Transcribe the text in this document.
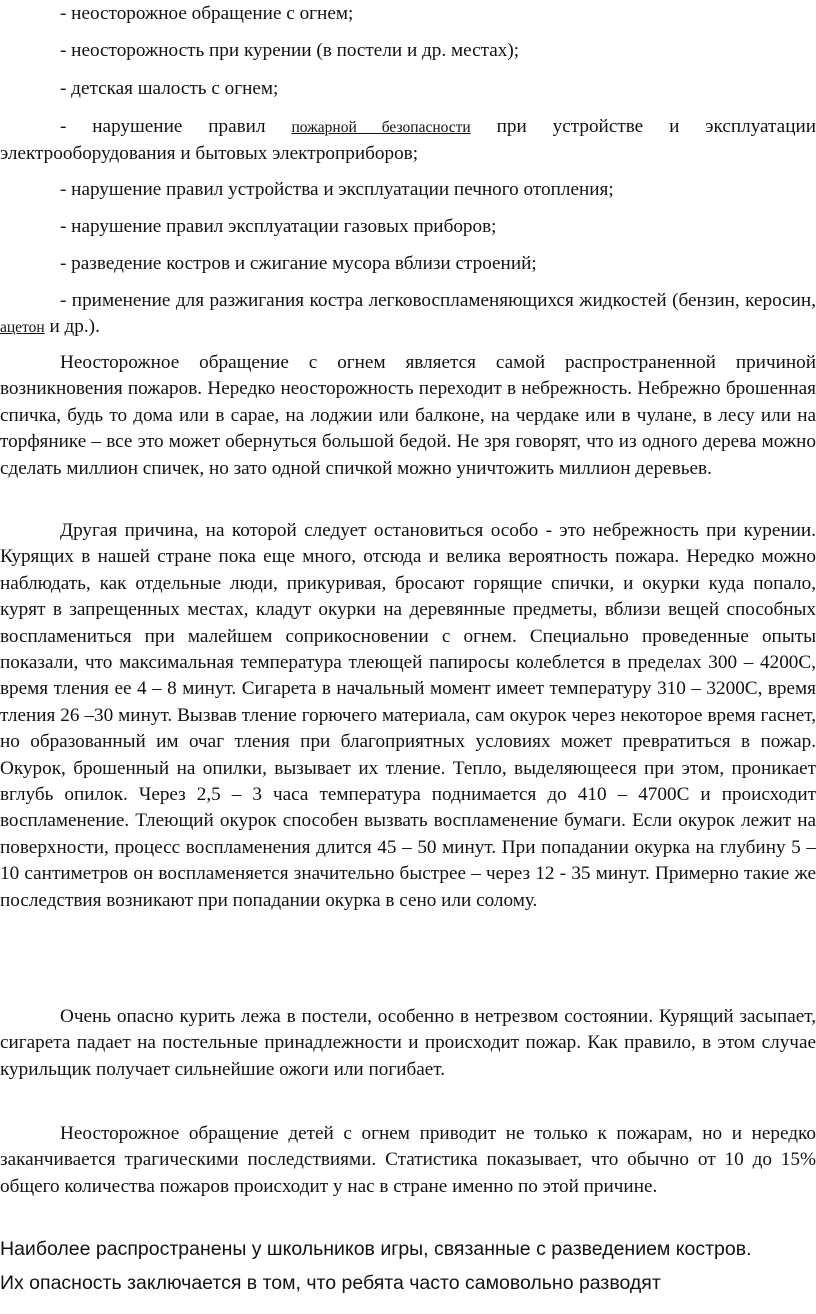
- неосторожное обращение с огнем;

- неосторожность при курении (в постели и др. местах);

- детская шалость с огнем;

- нарушение правил пожарной безопасности при устройстве и эксплуатации электрооборудования и бытовых электроприборов;

- нарушение правил устройства и эксплуатации печного отопления;

- нарушение правил эксплуатации газовых приборов;

- разведение костров и сжигание мусора вблизи строений;

- применение для разжигания костра легковоспламеняющихся жидкостей (бензин, керосин, ацетон и др.).

Неосторожное обращение с огнем является самой распространенной причиной возникновения пожаров. Нередко неосторожность переходит в небрежность. Небрежно брошенная спичка, будь то дома или в сарае, на лоджии или балконе, на чердаке или в чулане, в лесу или на торфянике – все это может обернуться большой бедой. Не зря говорят, что из одного дерева можно сделать миллион спичек, но зато одной спичкой можно уничтожить миллион деревьев.

Другая причина, на которой следует остановиться особо - это небрежность при курении. Курящих в нашей стране пока еще много, отсюда и велика вероятность пожара. Нередко можно наблюдать, как отдельные люди, прикуривая, бросают горящие спички, и окурки куда попало, курят в запрещенных местах, кладут окурки на деревянные предметы, вблизи вещей способных воспламениться при малейшем соприкосновении с огнем. Специально проведенные опыты показали, что максимальная температура тлеющей папиросы колеблется в пределах 300 – 4200С, время тления ее 4 – 8 минут. Сигарета в начальный момент имеет температуру 310 – 3200С, время тления 26 –30 минут. Вызвав тление горючего материала, сам окурок через некоторое время гаснет, но образованный им очаг тления при благоприятных условиях может превратиться в пожар. Окурок, брошенный на опилки, вызывает их тление. Тепло, выделяющееся при этом, проникает вглубь опилок. Через 2,5 – 3 часа температура поднимается до 410 – 4700С и происходит воспламенение. Тлеющий окурок способен вызвать воспламенение бумаги. Если окурок лежит на поверхности, процесс воспламенения длится 45 – 50 минут. При попадании окурка на глубину 5 – 10 сантиметров он воспламеняется значительно быстрее – через 12 - 35 минут. Примерно такие же последствия возникают при попадании окурка в сено или солому.

Очень опасно курить лежа в постели, особенно в нетрезвом состоянии. Курящий засыпает, сигарета падает на постельные принадлежности и происходит пожар. Как правило, в этом случае курильщик получает сильнейшие ожоги или погибает.

Неосторожное обращение детей с огнем приводит не только к пожарам, но и нередко заканчивается трагическими последствиями. Статистика показывает, что обычно от 10 до 15% общего количества пожаров происходит у нас в стране именно по этой причине.

Наиболее распространены у школьников игры, связанные с разведением костров.

Их опасность заключается в том, что ребята часто самовольно разводят
